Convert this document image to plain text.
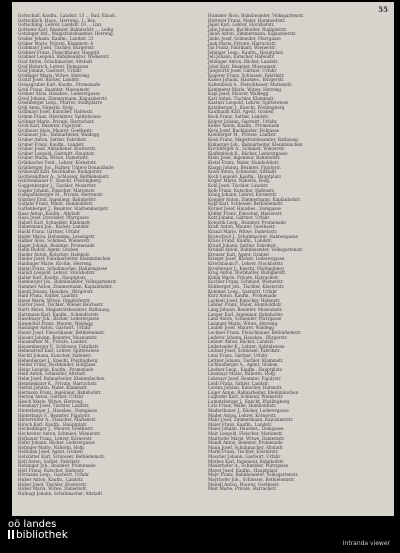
55

Gottschall, Kaufm., Landstr. 13 ... Bad. Elisab.

Gottschlich, Haus., Herreng., L. Bes.

Gottschling, Lehrer, Landstr. 10 ... Linz

Gottweis Karl, Beamter, Bahnhofstr. ... Ledig

Gotzinger Ant., Magistratsbeamter, Herreng.

Graber Johann, Kaufm., Landstr. 21

Graber Marie, Private, Klammstr. 4

Grabmayr Josef, Tischler, Bürgerstr.

Grabner Franz, Fleischhauer, Hauptpl.

Grabner Leopold, Bahnbeamter, Wienerstr.

Graf Anton, Schuhmacher, Altstadt

Graf Heinrich, Lehrer, Domgasse

Graf Johann, Gastwirt, Urfahr

Grafinger Maria, Witwe, Herreng.

Gratzl Josef, Bäcker, Landstr.

Grausgruber Karl, Kaufm., Promenade

Greil Franz, Beamter, Museumstr.

Greiner Alois, Hausbes., Lederergasse

Gresl Johann, Zimmermann, Kapuzinerstr.

Grienberger Leop., Pfarrer, Stadtpfarre

Grill Anna, Näherin, Hofg.

Grillmayr Josef, Kutscher, Hafenstr.

Grimm Franz, Oberlehrer, Spittelwiese

Gröbner Marie, Private, Harrachstr.

Groß Karl, Beamter, Figulystr.

Großauer Alois, Maurer, Goethestr.

Grubauer Joh., Bahnarbeiter, Waldegg

Gruber Anton, Sattler, Fabrikstr.

Gruber Franz, Kaufm., Landstr.

Gruber Josef, Amtsdiener, Klosterstr.

Gruber Leopold, Gastwirt, Hauptstr.

Gruber Maria, Witwe, Dametzstr.

Grünbacher Ferd., Lehrer, Körnerstr.

Grünberger Jos., Hafner, Untere Donaulände

Grünwald Karl, Buchhalter, Rudigierstr.

Gschwandtner A., Schlosser, Bethlehemstr.

Gstöttenbauer F., Knecht, Pöstlingberg

Guggenberger J., Tischler, Mozartstr.

Gugler Johann, Fleischer, Marienstr.

Gumpoldsberger M., Private, Herrenstr.

Günther Emil, Ingenieur, Bahnhofstr.

Gutjahr Franz, Maler, Humboldtstr.

Guttenberger J., Beamter, Starhembergstr.

Haas Anton, Kaufm., Altstadt

Haas Josef, Drechsler, Pfarrgasse

Haberl Karl, Schneider, Klammstr.

Habermann Joh., Bäcker, Landstr.

Hackl Franz, Gärtner, Urfahr

Hader Maria, Hebamme, Lessingstr.

Hafner Alois, Schmied, Wienerstr.

Hager Johann, Beamter, Promenade

Hahn Rudolf, Agent, Graben

Haider Anton, Kutscher, Hafenstr.

Haider Josef, Fabrikarbeiter, Kleinmünchen

Haidinger Marie, Köchin, Herreng.

Haiml Franz, Schuhmacher, Hahnengasse

Haindl Leopold, Lehrer, Stockhofstr.

Haller Karl, Kaufm., Hauptplatz

Hamberger Jos., Bahnbeamter, Volksgartenstr.

Hammer Anton, Zimmermann, Kaplanhofstr.

Handl Johann, Hausbes., Bürgerstr.

Hanl Franz, Sattler, Landstr.

Hansl Marie, Witwe, Dinghoferstr.

Harrer Josef, Tischler, Wiener Reichsstr.

Hartl Anton, Magistratsbeamter, Rathausg.

Hartmann Karl, Kaufm., Schmidtorstr.

Haselmayr Joh., Bäcker, Lederergasse

Hasenöhrl Franz, Maurer, Waldegg

Haslinger Anton, Gastwirt, Urfahr

Hauer Josef, Fleischhauer, Bethlehemstr.

Hauser Johann, Beamter, Museumstr.

Hausleitner M., Private, Landstr.

Hauzenberger F., Schlosser, Fabrikstr.

Hebenstreit Karl, Lehrer, Spittelwiese

Hechtl Johann, Kutscher, Hafenstr.

Hehenberger J., Knecht, Pöstlingberg

Heider Franz, Buchbinder, Hofgasse

Heinz Leopold, Kaufm., Promenade

Heiß Anton, Schneider, Altstadt

Helm Josef, Bahnarbeiter, Kleinmünchen

Hemmelmayr K., Private, Harrachstr.

Herbst Johann, Maler, Klammstr.

Hermann Franz, Ingenieur, Bahnhofstr.

Herzog Anton, Gärtner, Urfahr

Hesch Marie, Witwe, Herreng.

Hiesmayr Josef, Tischler, Landstr.

Hinterberger J., Hausbes., Domgasse

Hintermayr F., Beamter, Figulystr.

Hinterreiter A., Fleischer, Marienstr.

Hirsch Karl, Kaufm., Hauptplatz

Hochedlinger J., Maurer, Goethestr.

Hochreiter Anton, Schmied, Wienerstr.

Hofbauer Franz, Lehrer, Körnerstr.

Hofer Johann, Bäcker, Lederergasse

Hofinger Marie, Näherin, Hofg.

Hofmann Josef, Agent, Graben

Hofstätter Karl, Schlosser, Bethlehemstr.

Holl Anton, Sattler, Fabrikstr.

Holzinger Joh., Beamter, Promenade

Hörl Franz, Kutscher, Hafenstr.

Hörmann Leop., Gastwirt, Urfahr

Huber Anton, Kaufm., Landstr.

Huber Josef, Tischler, Klosterstr.

Huber Maria, Witwe, Dametzstr.

Hufnagl Johann, Schuhmacher, Altstadt

Hummer Alois, Bahnbeamter, Volksgartenstr.

Hutterer Franz, Maler, Humboldtstr.

Jäger Karl, Lehrer, Stockhofstr.

Jahn Johann, Buchhalter, Rudigierstr.

Jakob Anton, Zimmermann, Kapuzinerstr.

Janko Josef, Schneider, Pfarrgasse

Jauk Marie, Private, Harrachstr.

Jax Franz, Fabrikant, Wienerstr.

Jebinger Leop., Kaufm., Hauptplatz

Jell Johann, Kutscher, Hafenstr.

Jetzinger Anton, Bäcker, Landstr.

Jobst Karl, Beamter, Museumstr.

Jungwirth Josef, Gärtner, Urfahr

Kagerer Franz, Schlosser, Fabrikstr.

Kaiser Johann, Hausbes., Bürgerstr.

Kaltenböck A., Fleischhauer, Marienstr.

Kammerer Marie, Witwe, Herreng.

Kapl Josef, Maurer, Waldegg

Karl Anton, Tischler, Klammstr.

Kastner Leopold, Lehrer, Spittelwiese

Katzlberger J., Knecht, Pöstlingberg

Kaufmann Karl, Agent, Graben

Keck Franz, Sattler, Landstr.

Kehrer Johann, Gastwirt, Urfahr

Keller Anton, Kaufm., Promenade

Kern Josef, Buchbinder, Hofgasse

Kienberger M., Private, Landstr.

Kiesl Franz, Magistratsbeamter, Rathausg.

Kinberger Joh., Bahnarbeiter, Kleinmünchen

Kirchberger A., Schmied, Wienerstr.

Klaffenböck K., Bäcker, Lederergasse

Klein Josef, Ingenieur, Bahnhofstr.

Kletzl Franz, Maler, Humboldtstr.

Knapp Johann, Beamter, Figulystr.

Knoll Anton, Schneider, Altstadt

Koch Leopold, Kaufm., Hauptplatz

Kogler Marie, Näherin, Hofg.

Kohl Josef, Tischler, Landstr.

Kolb Franz, Kutscher, Hafenstr.

König Johann, Lehrer, Körnerstr.

Koppler Anton, Zimmermann, Kaplanhofstr.

Kopf Karl, Schlosser, Bethlehemstr.

Körner Josef, Hausbes., Domgasse

Kößler Franz, Fleischer, Marienstr.

Kotz Johann, Gärtner, Urfahr

Kowarik Leop., Beamter, Promenade

Kraft Anton, Maurer, Goethestr.

Kranzl Marie, Witwe, Dametzstr.

Kratochwil J., Schuhmacher, Hahnengasse

Kraus Franz, Kaufm., Landstr.

Krauß Johann, Sattler, Fabrikstr.

Kreindl Anton, Bahnbeamter, Volksgartenstr.

Kreuzer Karl, Agent, Graben

Krieger Josef, Bäcker, Lederergasse

Kriechbaum F., Lehrer, Stockhofstr.

Kronberger J., Knecht, Pöstlingberg

Krug Anton, Buchhalter, Rudigierstr.

Kubik Marie, Private, Harrachstr.

Kuchler Franz, Schmied, Wienerstr.

Kühberger Joh., Tischler, Klosterstr.

Kummer Leop., Gastwirt, Urfahr

Kurz Anton, Kaufm., Promenade

Lackner Josef, Kutscher, Hafenstr.

Lahner Franz, Maler, Humboldtstr.

Lang Johann, Beamter, Museumstr.

Langer Karl, Ingenieur, Bahnhofstr.

Lanz Anton, Schneider, Pfarrgasse

Lasinger Marie, Witwe, Herreng.

Lauber Josef, Maurer, Waldegg

Lechner Franz, Fleischhauer, Bethlehemstr.

Lederer Johann, Hausbes., Bürgerstr.

Lehner Anton, Bäcker, Landstr.

Leibetseder K., Lehrer, Spittelwiese

Leitner Josef, Schlosser, Fabrikstr.

Lenz Franz, Gärtner, Urfahr

Lettner Johann, Tischler, Klammstr.

Lichtenberger A., Agent, Graben

Lindner Leop., Kaufm., Hauptplatz

Linsmayr Marie, Näherin, Hofg.

Lobmayr Josef, Beamter, Figulystr.

Loidl Franz, Sattler, Landstr.

Lorenz Johann, Kutscher, Hafenstr.

Luger Anton, Bahnarbeiter, Kleinmünchen

Lughofer Karl, Schmied, Wienerstr.

Lumetzberger J., Knecht, Pöstlingberg

Lutz Franz, Maler, Humboldtstr.

Maderthaner J., Bäcker, Lederergasse

Mader Anton, Lehrer, Körnerstr.

Mahr Josef, Zimmermann, Kapuzinerstr.

Maier Franz, Kaufm., Landstr.

Maier Johann, Hausbes., Domgasse

Mair Leopold, Fleischer, Marienstr.

Mairhofer Marie, Witwe, Dametzstr.

Mandl Anton, Beamter, Promenade

Mann Josef, Schuhmacher, Altstadt

Markl Franz, Tischler, Klosterstr.

Mascher Johann, Gastwirt, Urfahr

Mathes Karl, Ingenieur, Bahnhofstr.

Mauerhofer A., Schneider, Pfarrgasse

Mayer Josef, Kaufm., Hauptplatz

Mayr Franz, Bahnbeamter, Volksgartenstr.

Mayrhofer Joh., Schlosser, Bethlehemstr.

Meindl Anton, Maurer, Goethestr.

Meir Marie, Private, Harrachstr.

oö landes
bibliothek
Intranda viewer
